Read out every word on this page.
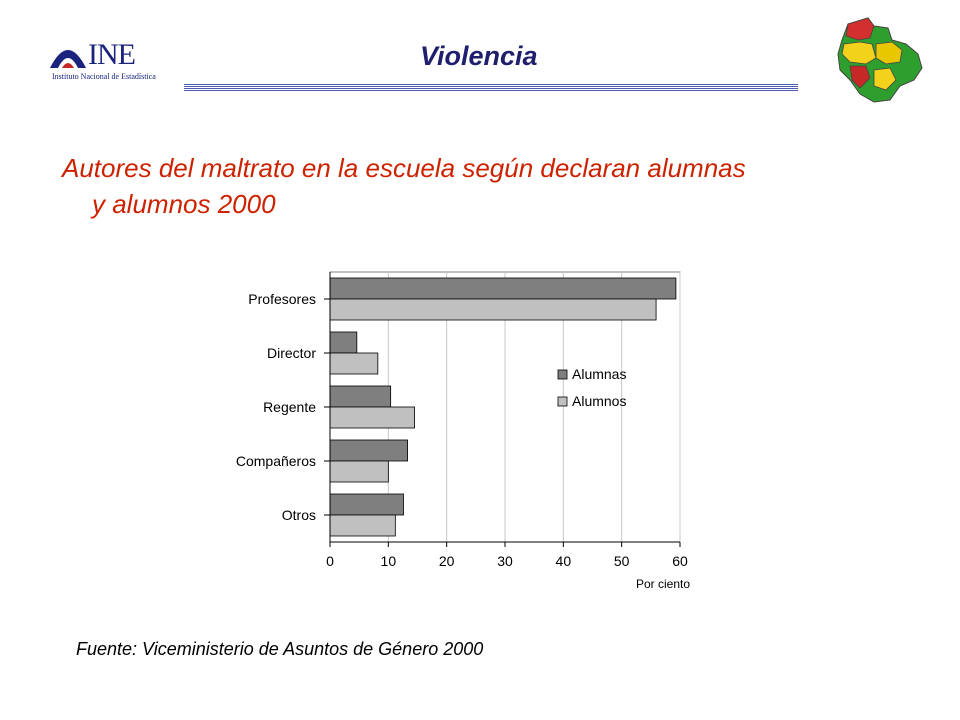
INE
Instituto Nacional de Estadística
Violencia
Autores del maltrato en la escuela según declaran alumnas
y alumnos 2000
Profesores
Director
Regente
Compañeros
Otros
0	10	20	30	40	50	60
Por ciento
Alumnas
Alumnos
Fuente: Viceministerio de Asuntos de Género 2000
